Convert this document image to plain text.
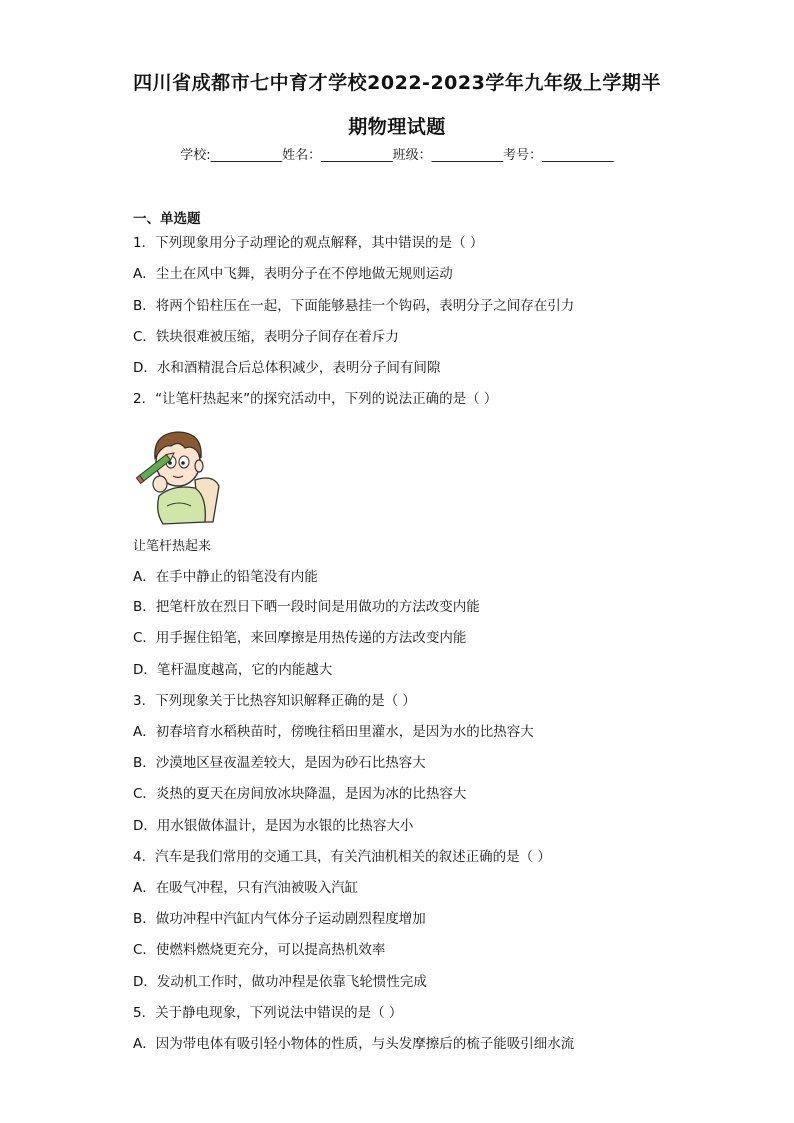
四川省成都市七中育才学校2022-2023学年九年级上学期半
期物理试题
学校:___________姓名：___________班级：___________考号：___________
一、单选题
1．下列现象用分子动理论的观点解释，其中错误的是（ ）
A．尘土在风中飞舞，表明分子在不停地做无规则运动
B．将两个铅柱压在一起，下面能够悬挂一个钩码，表明分子之间存在引力
C．铁块很难被压缩，表明分子间存在着斥力
D．水和酒精混合后总体积减少，表明分子间有间隙
2．“让笔杆热起来”的探究活动中，下列的说法正确的是（ ）
让笔杆热起来
A．在手中静止的铅笔没有内能
B．把笔杆放在烈日下晒一段时间是用做功的方法改变内能
C．用手握住铅笔，来回摩擦是用热传递的方法改变内能
D．笔杆温度越高，它的内能越大
3．下列现象关于比热容知识解释正确的是（ ）
A．初春培育水稻秧苗时，傍晚往稻田里灌水，是因为水的比热容大
B．沙漠地区昼夜温差较大，是因为砂石比热容大
C．炎热的夏天在房间放冰块降温，是因为冰的比热容大
D．用水银做体温计，是因为水银的比热容大小
4．汽车是我们常用的交通工具，有关汽油机相关的叙述正确的是（ ）
A．在吸气冲程，只有汽油被吸入汽缸
B．做功冲程中汽缸内气体分子运动剧烈程度增加
C．使燃料燃烧更充分，可以提高热机效率
D．发动机工作时，做功冲程是依靠飞轮惯性完成
5．关于静电现象，下列说法中错误的是（ ）
A．因为带电体有吸引轻小物体的性质，与头发摩擦后的梳子能吸引细水流
